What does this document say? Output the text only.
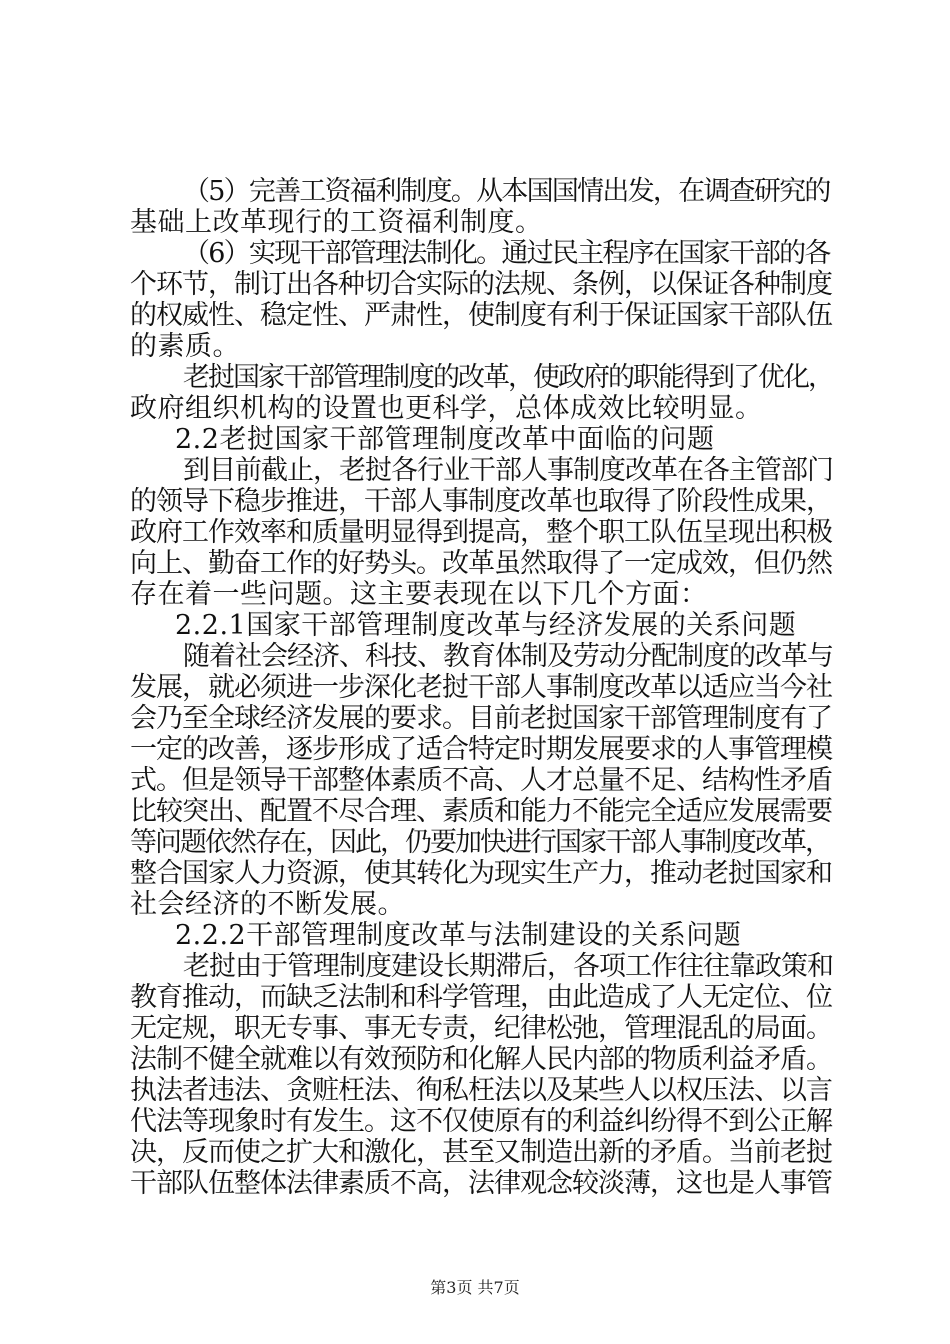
（5）完善工资福利制度。从本国国情出发，在调查研究的
基础上改革现行的工资福利制度。
（6）实现干部管理法制化。通过民主程序在国家干部的各
个环节，制订出各种切合实际的法规、条例，以保证各种制度
的权威性、稳定性、严肃性，使制度有利于保证国家干部队伍
的素质。
老挝国家干部管理制度的改革，使政府的职能得到了优化，
政府组织机构的设置也更科学，总体成效比较明显。
2.2老挝国家干部管理制度改革中面临的问题
到目前截止，老挝各行业干部人事制度改革在各主管部门
的领导下稳步推进，干部人事制度改革也取得了阶段性成果，
政府工作效率和质量明显得到提高，整个职工队伍呈现出积极
向上、勤奋工作的好势头。改革虽然取得了一定成效，但仍然
存在着一些问题。这主要表现在以下几个方面：
2.2.1国家干部管理制度改革与经济发展的关系问题
随着社会经济、科技、教育体制及劳动分配制度的改革与
发展，就必须进一步深化老挝干部人事制度改革以适应当今社
会乃至全球经济发展的要求。目前老挝国家干部管理制度有了
一定的改善，逐步形成了适合特定时期发展要求的人事管理模
式。但是领导干部整体素质不高、人才总量不足、结构性矛盾
比较突出、配置不尽合理、素质和能力不能完全适应发展需要
等问题依然存在，因此，仍要加快进行国家干部人事制度改革，
整合国家人力资源，使其转化为现实生产力，推动老挝国家和
社会经济的不断发展。
2.2.2干部管理制度改革与法制建设的关系问题
老挝由于管理制度建设长期滞后，各项工作往往靠政策和
教育推动，而缺乏法制和科学管理，由此造成了人无定位、位
无定规，职无专事、事无专责，纪律松弛，管理混乱的局面。
法制不健全就难以有效预防和化解人民内部的物质利益矛盾。
执法者违法、贪赃枉法、徇私枉法以及某些人以权压法、以言
代法等现象时有发生。这不仅使原有的利益纠纷得不到公正解
决，反而使之扩大和激化，甚至又制造出新的矛盾。当前老挝
干部队伍整体法律素质不高，法律观念较淡薄，这也是人事管
第3页 共7页
